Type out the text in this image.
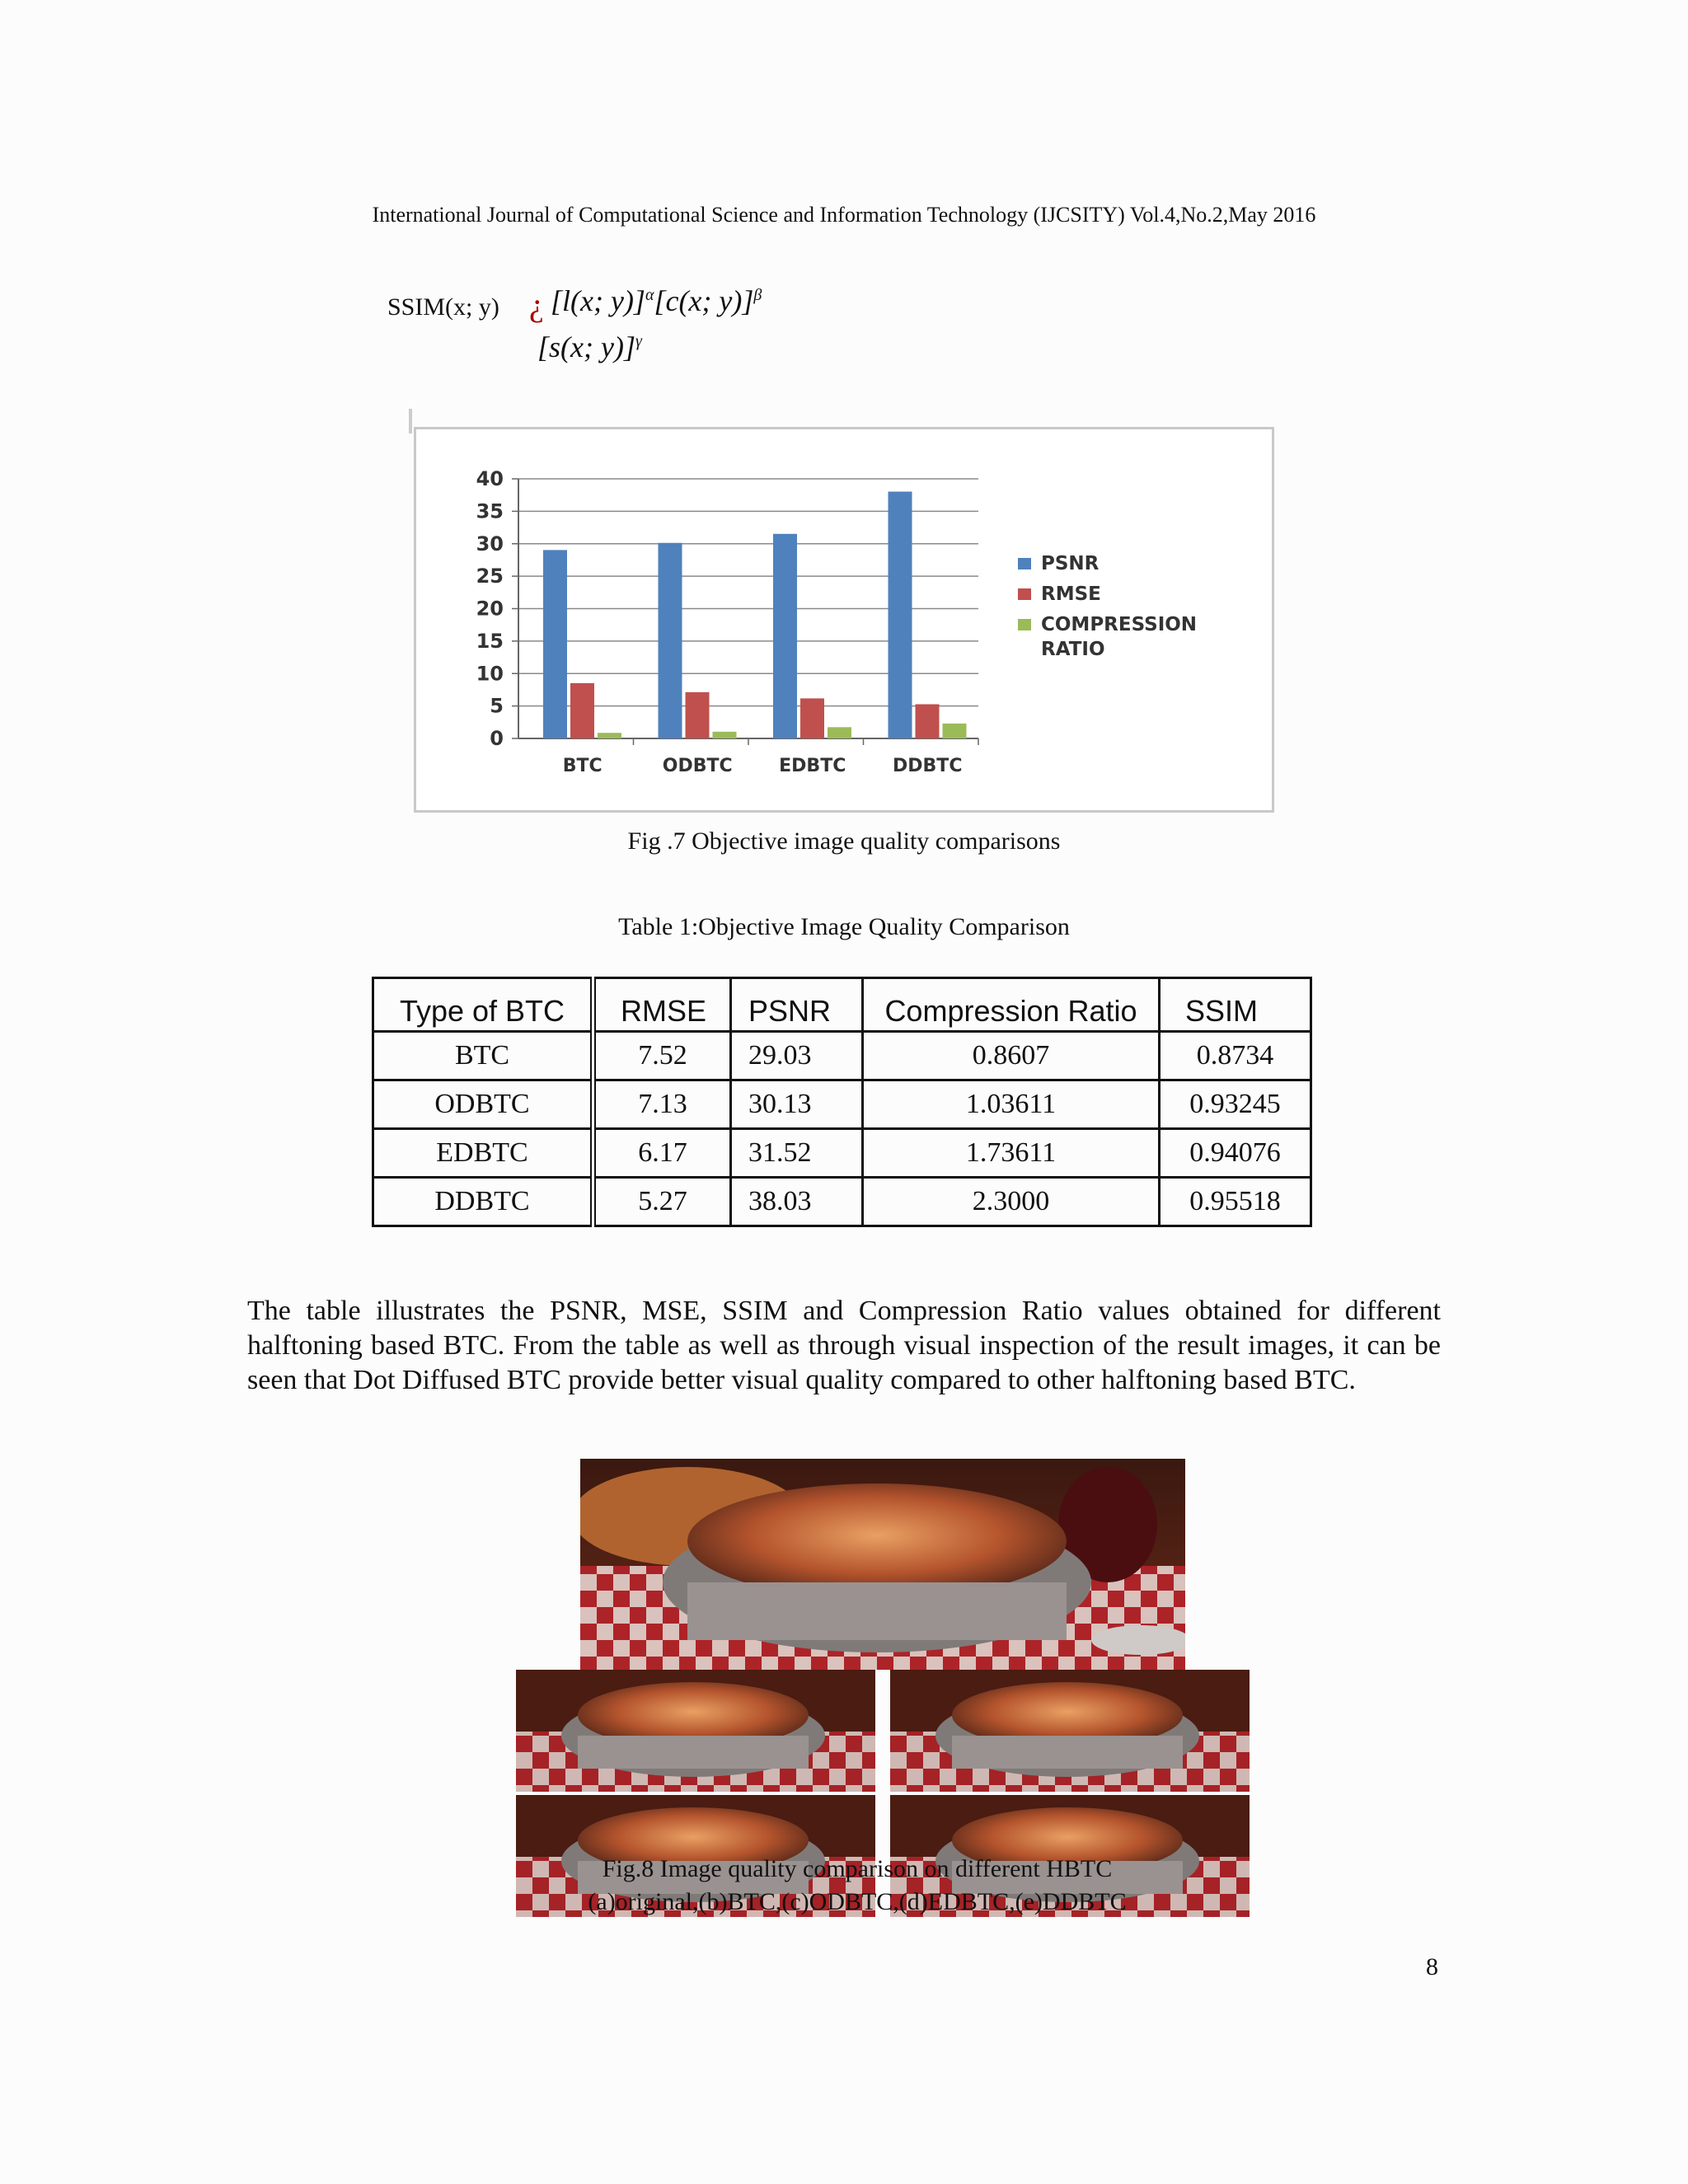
International Journal of Computational Science and Information Technology (IJCSITY) Vol.4,No.2,May 2016
SSIM(x; y) ¿ [l(x; y)]$^\alpha$[c(x; y)]$^\beta$
[s(x; y)]$^\gamma$
0
5
10
15
20
25
30
35
40
BTC	ODBTC	EDBTC	DDBTC
PSNR
RMSE
COMPRESSION
RATIO
Fig .7 Objective image quality comparisons
Table 1:Objective Image Quality Comparison
Type of BTC	RMSE	PSNR	Compression Ratio	SSIM
BTC	7.52	29.03	0.8607	0.8734
ODBTC	7.13	30.13	1.03611	0.93245
EDBTC	6.17	31.52	1.73611	0.94076
DDBTC	5.27	38.03	2.3000	0.95518
The table illustrates the PSNR, MSE, SSIM and Compression Ratio values obtained for different halftoning based BTC. From the table as well as through visual inspection of the result images, it can be seen that Dot Diffused BTC provide better visual quality compared to other halftoning based BTC.
Fig.8 Image quality comparison on different HBTC
(a)original,(b)BTC,(c)ODBTC,(d)EDBTC,(e)DDBTC
8
